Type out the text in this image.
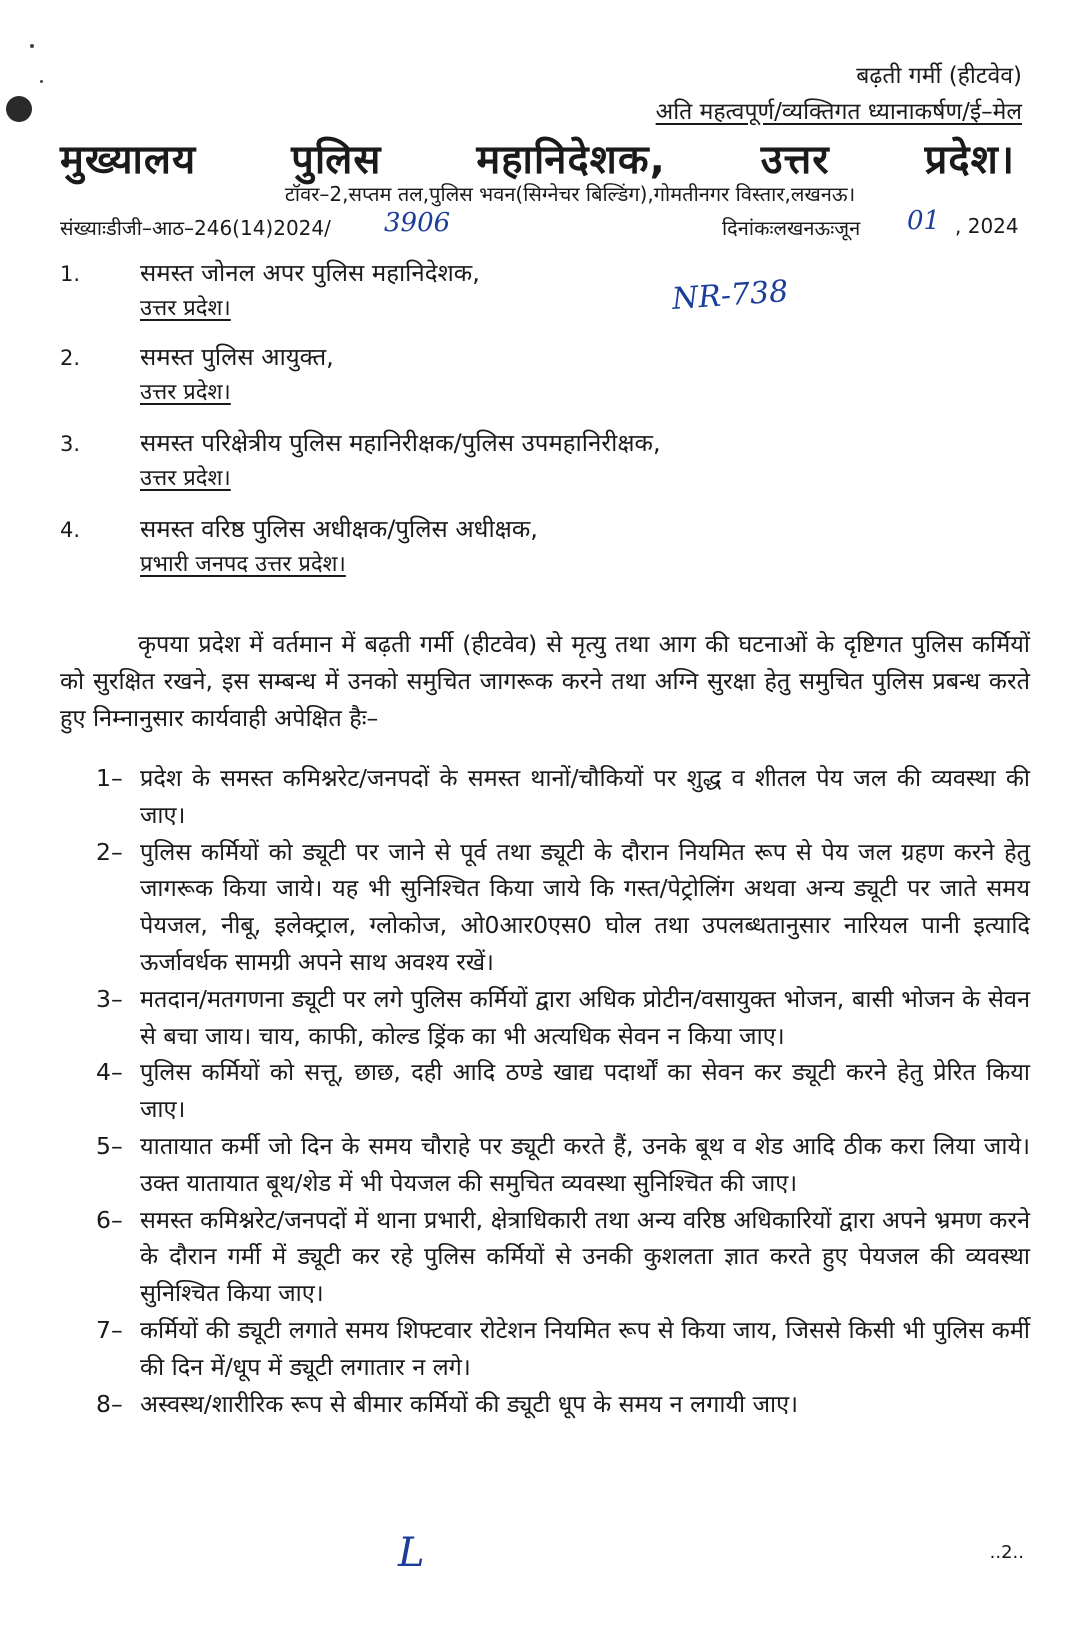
बढ़ती गर्मी (हीटवेव)
अति महत्वपूर्ण/व्यक्तिगत ध्यानाकर्षण/ई–मेल
मुख्यालय पुलिस महानिदेशक, उत्तर प्रदेश।
टॉवर–2,सप्तम तल,पुलिस भवन(सिग्नेचर बिल्डिंग),गोमतीनगर विस्तार,लखनऊ।
संख्याःडीजी–आठ–246(14)2024/ 3906	दिनांकःलखनऊःजून 01 , 2024
NR-738
1. समस्त जोनल अपर पुलिस महानिदेशक,
उत्तर प्रदेश।
2. समस्त पुलिस आयुक्त,
उत्तर प्रदेश।
3. समस्त परिक्षेत्रीय पुलिस महानिरीक्षक/पुलिस उपमहानिरीक्षक,
उत्तर प्रदेश।
4. समस्त वरिष्ठ पुलिस अधीक्षक/पुलिस अधीक्षक,
प्रभारी जनपद उत्तर प्रदेश।
कृपया प्रदेश में वर्तमान में बढ़ती गर्मी (हीटवेव) से मृत्यु तथा आग की घटनाओं के दृष्टिगत पुलिस कर्मियों को सुरक्षित रखने, इस सम्बन्ध में उनको समुचित जागरूक करने तथा अग्नि सुरक्षा हेतु समुचित पुलिस प्रबन्ध करते हुए निम्नानुसार कार्यवाही अपेक्षित हैः–
1– प्रदेश के समस्त कमिश्नरेट/जनपदों के समस्त थानों/चौकियों पर शुद्ध व शीतल पेय जल की व्यवस्था की जाए।
2– पुलिस कर्मियों को ड्यूटी पर जाने से पूर्व तथा ड्यूटी के दौरान नियमित रूप से पेय जल ग्रहण करने हेतु जागरूक किया जाये। यह भी सुनिश्चित किया जाये कि गस्त/पेट्रोलिंग अथवा अन्य ड्यूटी पर जाते समय पेयजल, नीबू, इलेक्ट्राल, ग्लोकोज, ओ0आर0एस0 घोल तथा उपलब्धतानुसार नारियल पानी इत्यादि ऊर्जावर्धक सामग्री अपने साथ अवश्य रखें।
3– मतदान/मतगणना ड्यूटी पर लगे पुलिस कर्मियों द्वारा अधिक प्रोटीन/वसायुक्त भोजन, बासी भोजन के सेवन से बचा जाय। चाय, काफी, कोल्ड ड्रिंक का भी अत्यधिक सेवन न किया जाए।
4– पुलिस कर्मियों को सत्तू, छाछ, दही आदि ठण्डे खाद्य पदार्थों का सेवन कर ड्यूटी करने हेतु प्रेरित किया जाए।
5– यातायात कर्मी जो दिन के समय चौराहे पर ड्यूटी करते हैं, उनके बूथ व शेड आदि ठीक करा लिया जाये। उक्त यातायात बूथ/शेड में भी पेयजल की समुचित व्यवस्था सुनिश्चित की जाए।
6– समस्त कमिश्नरेट/जनपदों में थाना प्रभारी, क्षेत्राधिकारी तथा अन्य वरिष्ठ अधिकारियों द्वारा अपने भ्रमण करने के दौरान गर्मी में ड्यूटी कर रहे पुलिस कर्मियों से उनकी कुशलता ज्ञात करते हुए पेयजल की व्यवस्था सुनिश्चित किया जाए।
7– कर्मियों की ड्यूटी लगाते समय शिफ्टवार रोटेशन नियमित रूप से किया जाय, जिससे किसी भी पुलिस कर्मी की दिन में/धूप में ड्यूटी लगातार न लगे।
8– अस्वस्थ/शारीरिक रूप से बीमार कर्मियों की ड्यूटी धूप के समय न लगायी जाए।
L	..2..
